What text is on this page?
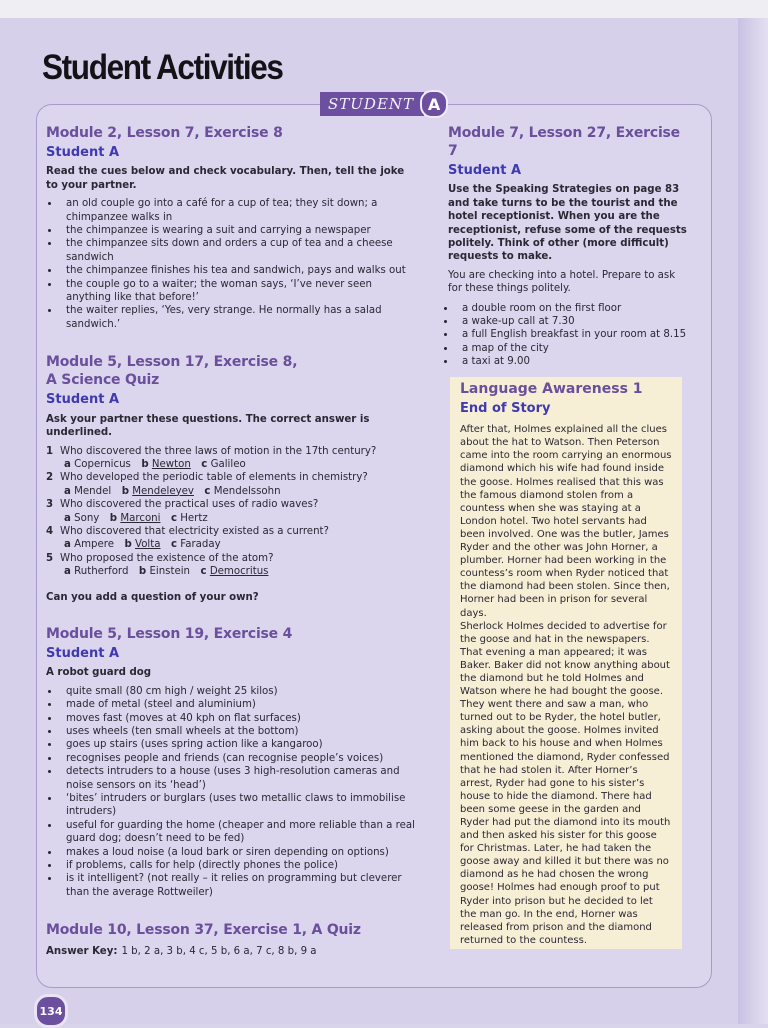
Student Activities
STUDENT A
Module 2, Lesson 7, Exercise 8
Student A

Read the cues below and check vocabulary. Then, tell the joke to your partner.

• an old couple go into a café for a cup of tea; they sit down; a chimpanzee walks in
• the chimpanzee is wearing a suit and carrying a newspaper
• the chimpanzee sits down and orders a cup of tea and a cheese sandwich
• the chimpanzee finishes his tea and sandwich, pays and walks out
• the couple go to a waiter; the woman says, ‘I’ve never seen anything like that before!’
• the waiter replies, ‘Yes, very strange. He normally has a salad sandwich.’
Module 5, Lesson 17, Exercise 8,
A Science Quiz
Student A

Ask your partner these questions. The correct answer is underlined.

1 Who discovered the three laws of motion in the 17th century?
a
Copernicus
b
Newton
c
Galileo
2 Who developed the periodic table of elements in chemistry?
a
Mendel
b
Mendeleyev
c
Mendelssohn
3 Who discovered the practical uses of radio waves?
a
Sony
b
Marconi
c
Hertz
4 Who discovered that electricity existed as a current?
a
Ampere
b
Volta
c
Faraday
5 Who proposed the existence of the atom?
a
Rutherford
b
Einstein
c
Democritus

Can you add a question of your own?

Module 5, Lesson 19, Exercise 4
Student A

A robot guard dog

• quite small (80 cm high / weight 25 kilos)
• made of metal (steel and aluminium)
• moves fast (moves at 40 kph on flat surfaces)
• uses wheels (ten small wheels at the bottom)
• goes up stairs (uses spring action like a kangaroo)
• recognises people and friends (can recognise people’s voices)
• detects intruders to a house (uses 3 high-resolution cameras and noise sensors on its ‘head’)
• ‘bites’ intruders or burglars (uses two metallic claws to immobilise intruders)
• useful for guarding the home (cheaper and more reliable than a real guard dog; doesn’t need to be fed)
• makes a loud noise (a loud bark or siren depending on options)
• if problems, calls for help (directly phones the police)
• is it intelligent? (not really – it relies on programming but cleverer than the average Rottweiler)
Module 10, Lesson 37, Exercise 1, A Quiz

Answer Key: 1 b, 2 a, 3 b, 4 c, 5 b, 6 a, 7 c, 8 b, 9 a

Module 7, Lesson 27, Exercise 7
Student A

Use the Speaking Strategies on page 83 and take turns to be the tourist and the hotel receptionist. When you are the receptionist, refuse some of the requests politely. Think of other (more difficult) requests to make.

You are checking into a hotel. Prepare to ask for these things politely.

• a double room on the first floor
• a wake-up call at 7.30
• a full English breakfast in your room at 8.15
• a map of the city
• a taxi at 9.00
Language Awareness 1
End of Story

After that, Holmes explained all the clues about the hat to Watson. Then Peterson came into the room carrying an enormous diamond which his wife had found inside the goose. Holmes realised that this was the famous diamond stolen from a countess when she was staying at a London hotel. Two hotel servants had been involved. One was the butler, James Ryder and the other was John Horner, a plumber. Horner had been working in the countess’s room when Ryder noticed that the diamond had been stolen. Since then, Horner had been in prison for several days.

Sherlock Holmes decided to advertise for the goose and hat in the newspapers. That evening a man appeared; it was Baker. Baker did not know anything about the diamond but he told Holmes and Watson where he had bought the goose. They went there and saw a man, who turned out to be Ryder, the hotel butler, asking about the goose. Holmes invited him back to his house and when Holmes mentioned the diamond, Ryder confessed that he had stolen it. After Horner’s arrest, Ryder had gone to his sister’s house to hide the diamond. There had been some geese in the garden and Ryder had put the diamond into its mouth and then asked his sister for this goose for Christmas. Later, he had taken the goose away and killed it but there was no diamond as he had chosen the wrong goose! Holmes had enough proof to put Ryder into prison but he decided to let the man go. In the end, Horner was released from prison and the diamond returned to the countess.

134
